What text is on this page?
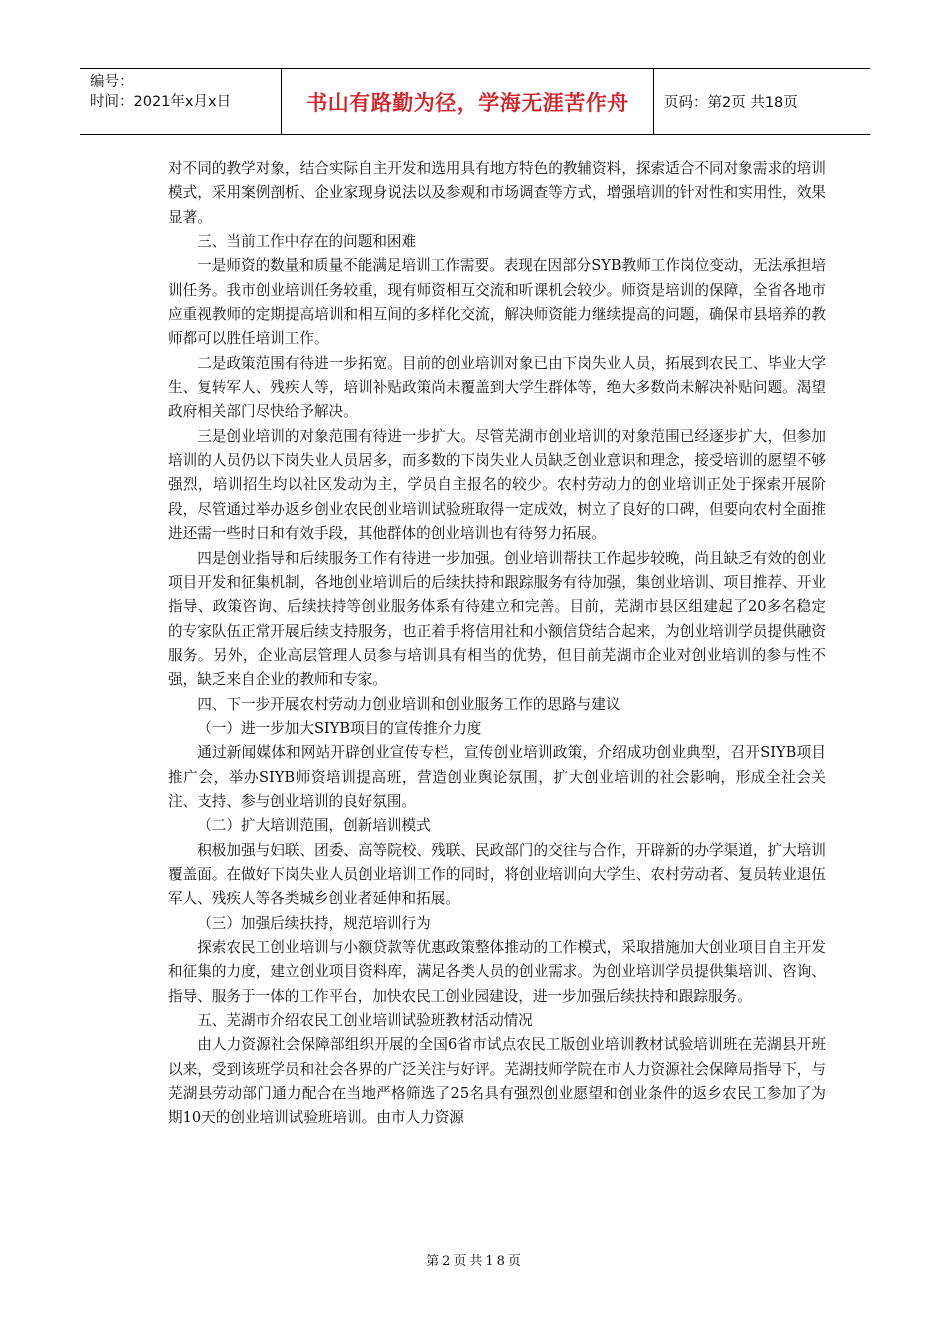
编号：
时间：2021年x月x日	书山有路勤为径，学海无涯苦作舟	页码：第2页 共18页

对不同的教学对象，结合实际自主开发和选用具有地方特色的教辅资料，探索适合不同对象需求的培训模式，采用案例剖析、企业家现身说法以及参观和市场调查等方式，增强培训的针对性和实用性，效果显著。

三、当前工作中存在的问题和困难

一是师资的数量和质量不能满足培训工作需要。表现在因部分SYB教师工作岗位变动，无法承担培训任务。我市创业培训任务较重，现有师资相互交流和听课机会较少。师资是培训的保障，全省各地市应重视教师的定期提高培训和相互间的多样化交流，解决师资能力继续提高的问题，确保市县培养的教师都可以胜任培训工作。

二是政策范围有待进一步拓宽。目前的创业培训对象已由下岗失业人员，拓展到农民工、毕业大学生、复转军人、残疾人等，培训补贴政策尚未覆盖到大学生群体等，绝大多数尚未解决补贴问题。渴望政府相关部门尽快给予解决。

三是创业培训的对象范围有待进一步扩大。尽管芜湖市创业培训的对象范围已经逐步扩大，但参加培训的人员仍以下岗失业人员居多，而多数的下岗失业人员缺乏创业意识和理念，接受培训的愿望不够强烈，培训招生均以社区发动为主，学员自主报名的较少。农村劳动力的创业培训正处于探索开展阶段，尽管通过举办返乡创业农民创业培训试验班取得一定成效，树立了良好的口碑，但要向农村全面推进还需一些时日和有效手段，其他群体的创业培训也有待努力拓展。

四是创业指导和后续服务工作有待进一步加强。创业培训帮扶工作起步较晚，尚且缺乏有效的创业项目开发和征集机制，各地创业培训后的后续扶持和跟踪服务有待加强，集创业培训、项目推荐、开业指导、政策咨询、后续扶持等创业服务体系有待建立和完善。目前，芜湖市县区组建起了20多名稳定的专家队伍正常开展后续支持服务，也正着手将信用社和小额信贷结合起来，为创业培训学员提供融资服务。另外，企业高层管理人员参与培训具有相当的优势，但目前芜湖市企业对创业培训的参与性不强，缺乏来自企业的教师和专家。

四、下一步开展农村劳动力创业培训和创业服务工作的思路与建议

（一）进一步加大SIYB项目的宣传推介力度

通过新闻媒体和网站开辟创业宣传专栏，宣传创业培训政策，介绍成功创业典型，召开SIYB项目推广会，举办SIYB师资培训提高班，营造创业舆论氛围，扩大创业培训的社会影响，形成全社会关注、支持、参与创业培训的良好氛围。

（二）扩大培训范围，创新培训模式

积极加强与妇联、团委、高等院校、残联、民政部门的交往与合作，开辟新的办学渠道，扩大培训覆盖面。在做好下岗失业人员创业培训工作的同时，将创业培训向大学生、农村劳动者、复员转业退伍军人、残疾人等各类城乡创业者延伸和拓展。

（三）加强后续扶持，规范培训行为

探索农民工创业培训与小额贷款等优惠政策整体推动的工作模式，采取措施加大创业项目自主开发和征集的力度，建立创业项目资料库，满足各类人员的创业需求。为创业培训学员提供集培训、咨询、指导、服务于一体的工作平台，加快农民工创业园建设，进一步加强后续扶持和跟踪服务。

五、芜湖市介绍农民工创业培训试验班教材活动情况

由人力资源社会保障部组织开展的全国6省市试点农民工版创业培训教材试验培训班在芜湖县开班以来，受到该班学员和社会各界的广泛关注与好评。芜湖技师学院在市人力资源社会保障局指导下，与芜湖县劳动部门通力配合在当地严格筛选了25名具有强烈创业愿望和创业条件的返乡农民工参加了为期10天的创业培训试验班培训。由市人力资源

第2页共18页
